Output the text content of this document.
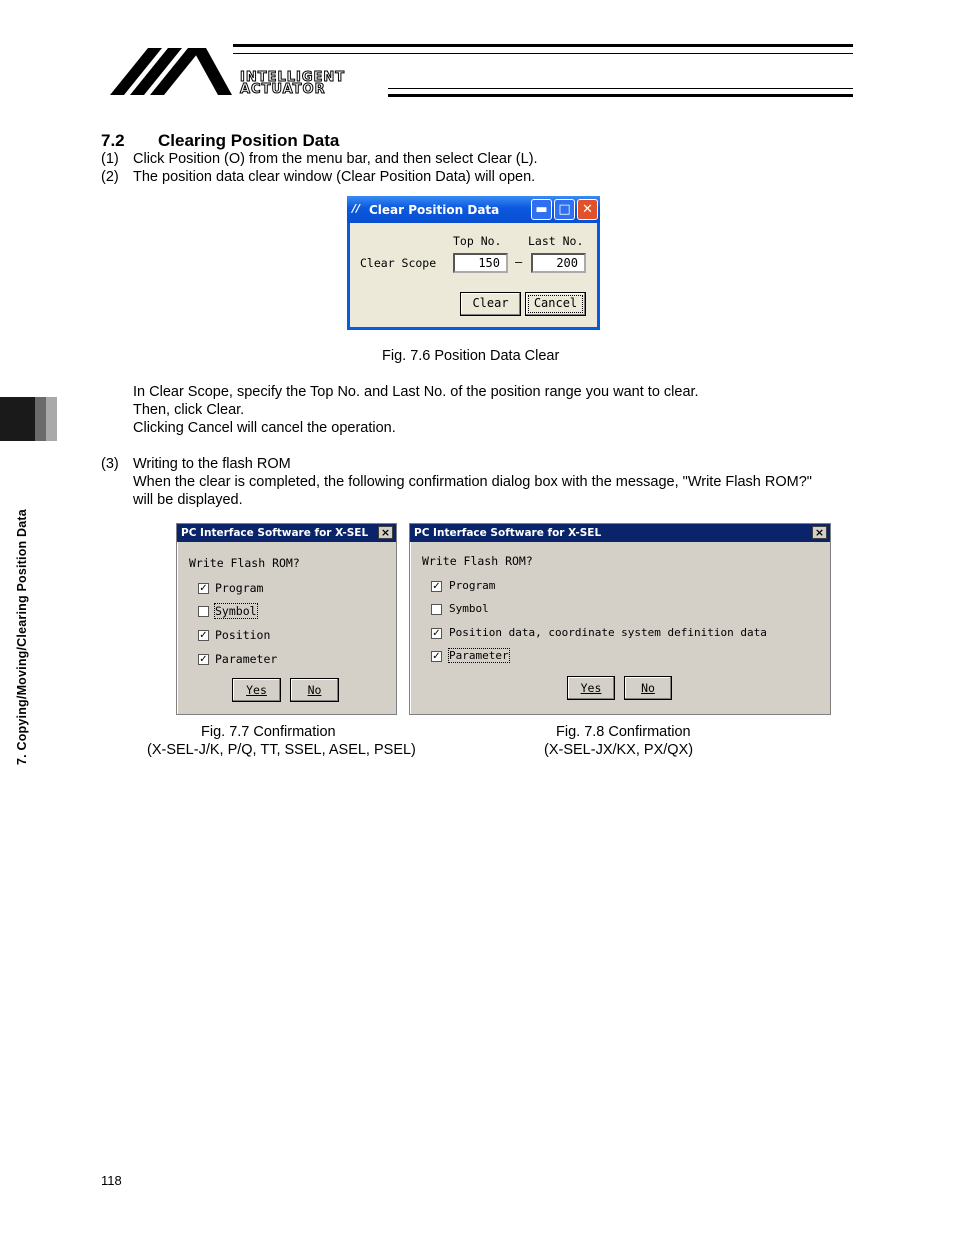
INTELLIGENT
ACTUATOR
7. Copying/Moving/Clearing Position Data
7.2 Clearing Position Data
(1) Click Position (O) from the menu bar, and then select Clear (L).
(2) The position data clear window (Clear Position Data) will open.
// Clear Position Data	▬ □ ✕
Top No. Last No.
Clear Scope	150	–	200
Clear	Cancel
Fig. 7.6 Position Data Clear
In Clear Scope, specify the Top No. and Last No. of the position range you want to clear.
Then, click Clear.
Clicking Cancel will cancel the operation.
(3) Writing to the flash ROM
When the clear is completed, the following confirmation dialog box with the message, "Write Flash ROM?"
will be displayed.
PC Interface Software for X-SEL ×
Write Flash ROM?
✓ Program
Symbol
✓ Position
✓ Parameter
Yes	No
PC Interface Software for X-SEL	×
Write Flash ROM?
✓ Program
Symbol
✓ Position data, coordinate system definition data
✓ Parameter
Yes	No
Fig. 7.7 Confirmation
(X-SEL-J/K, P/Q, TT, SSEL, ASEL, PSEL)
Fig. 7.8 Confirmation
(X-SEL-JX/KX, PX/QX)
118
